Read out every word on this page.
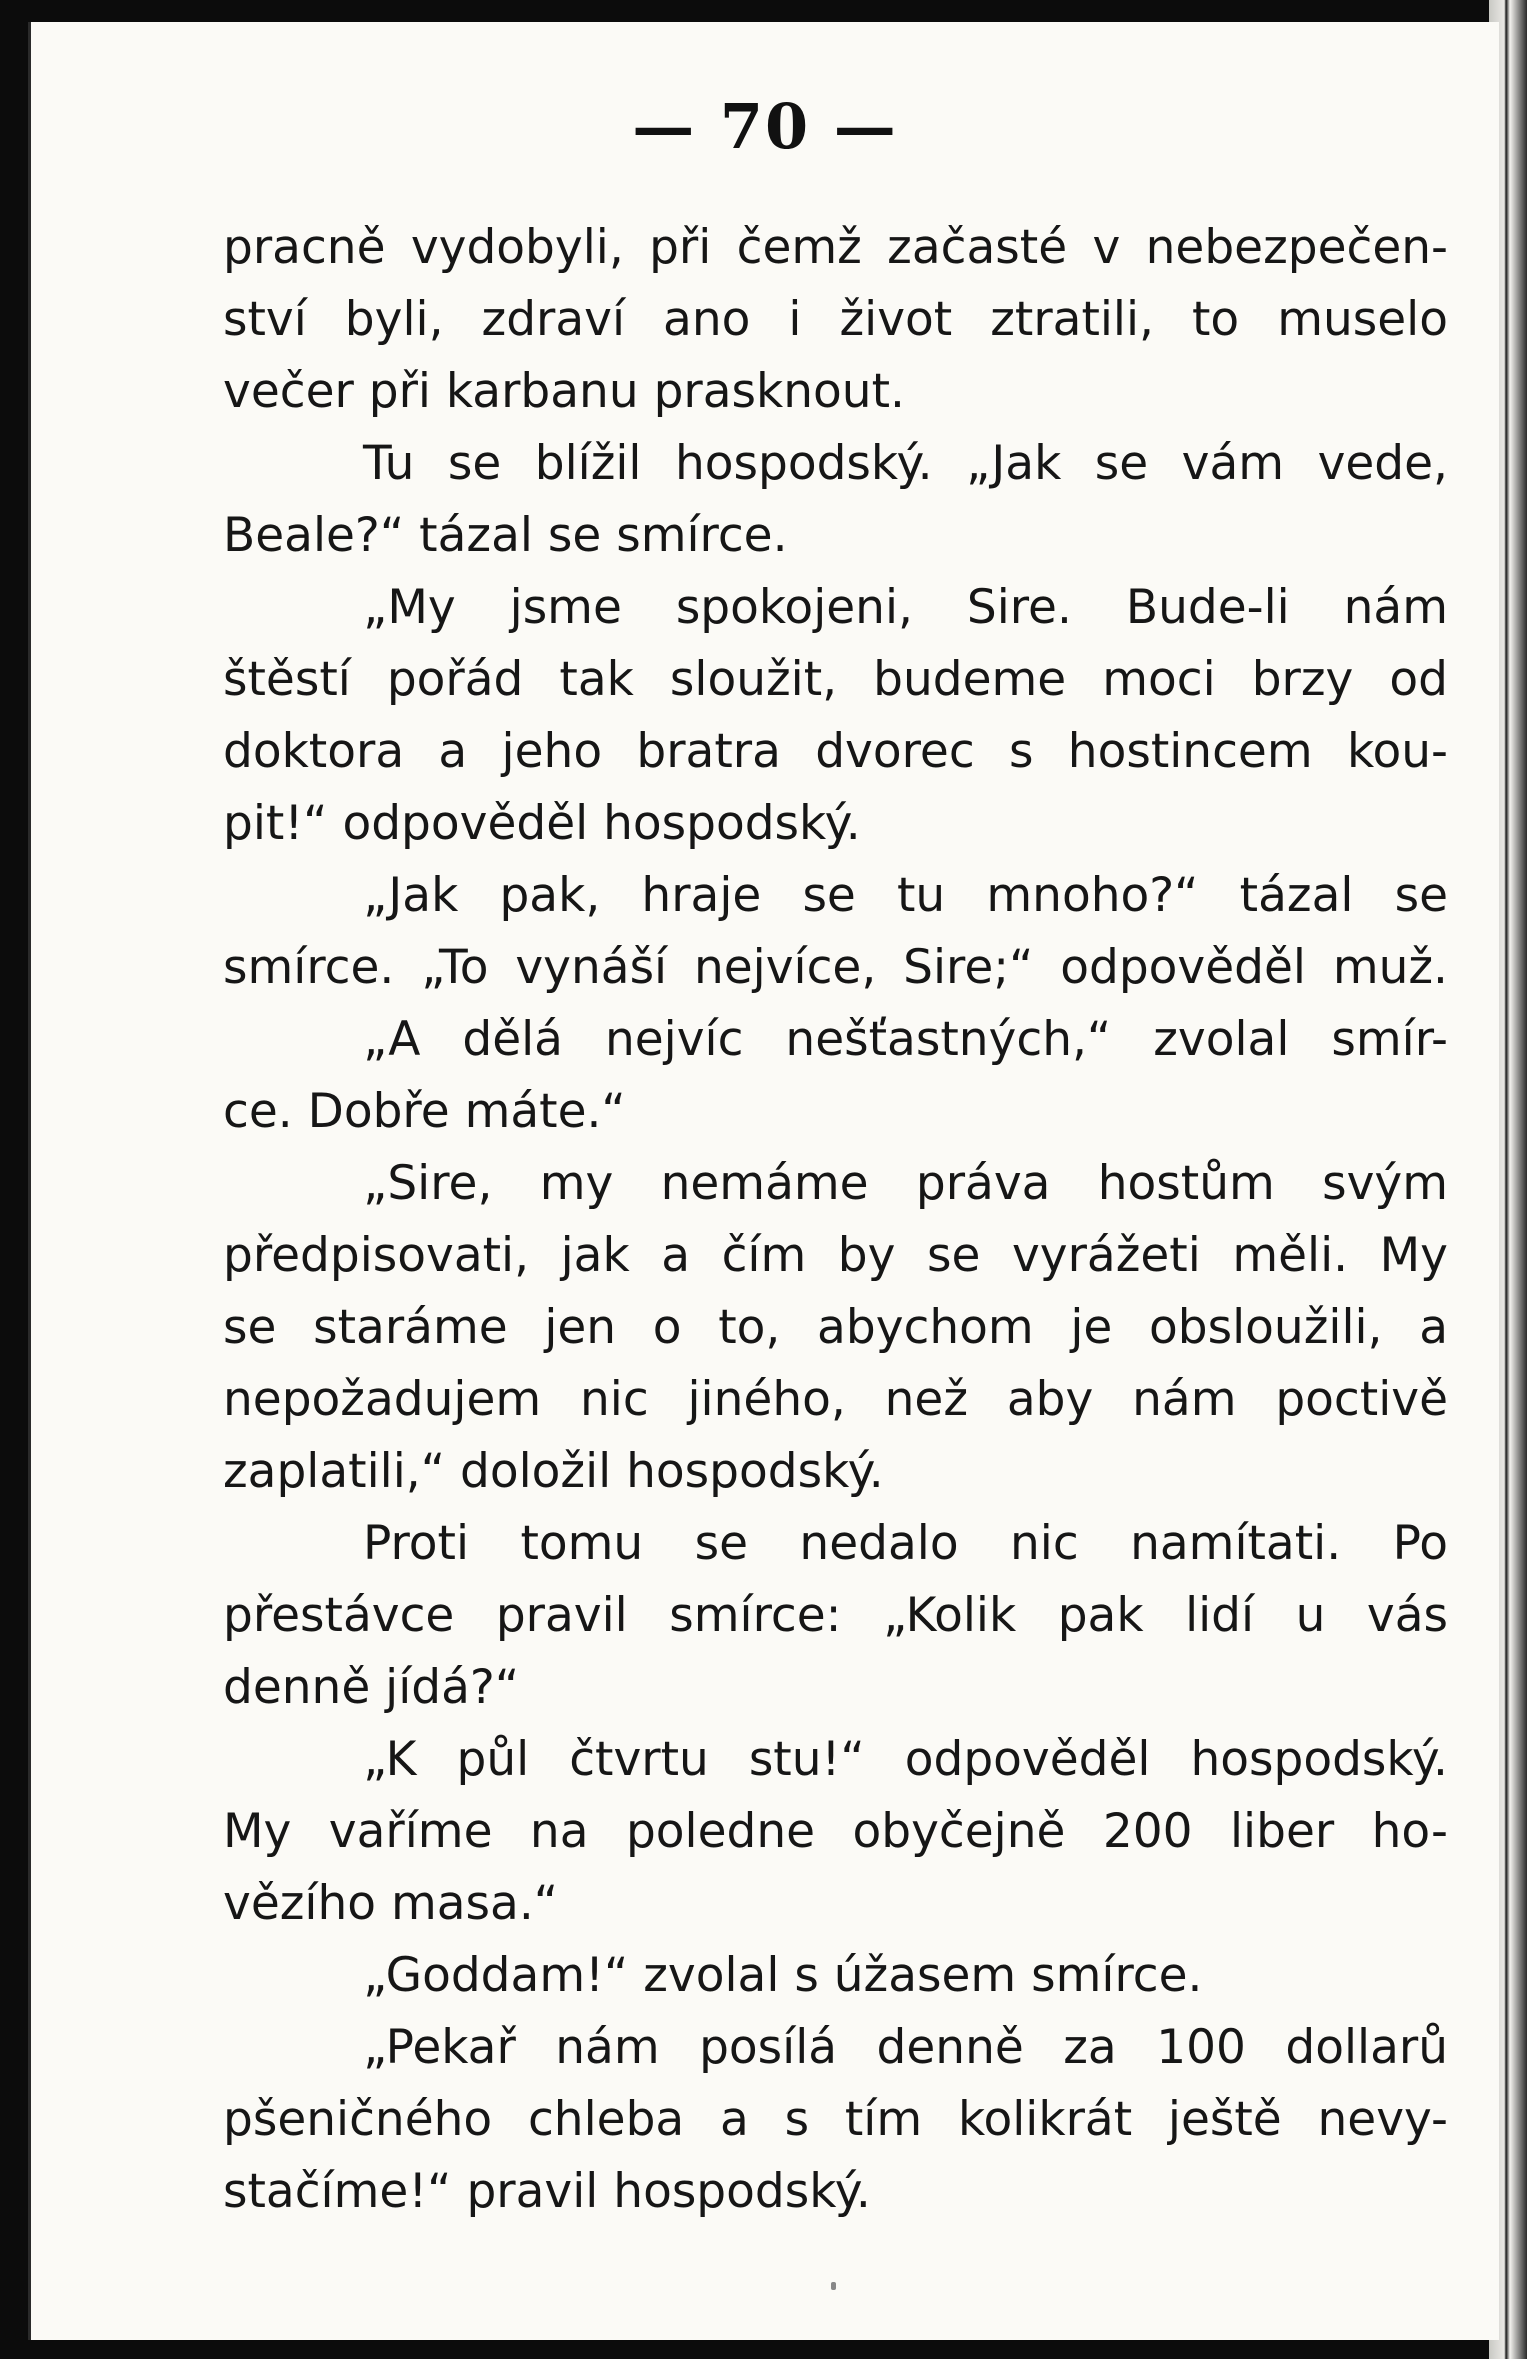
— 70 —
pracně vydobyli, při čemž začasté v nebezpečen-
ství byli, zdraví ano i život ztratili, to muselo
večer při karbanu prasknout.
Tu se blížil hospodský. „Jak se vám vede,
Beale?“ tázal se smírce.
„My jsme spokojeni, Sire. Bude-li nám
štěstí pořád tak sloužit, budeme moci brzy od
doktora a jeho bratra dvorec s hostincem kou-
pit!“ odpověděl hospodský.
„Jak pak, hraje se tu mnoho?“ tázal se
smírce. „To vynáší nejvíce, Sire;“ odpověděl muž.
„A dělá nejvíc nešťastných,“ zvolal smír-
ce. Dobře máte.“
„Sire, my nemáme práva hostům svým
předpisovati, jak a čím by se vyrážeti měli. My
se staráme jen o to, abychom je obsloužili, a
nepožadujem nic jiného, než aby nám poctivě
zaplatili,“ doložil hospodský.
Proti tomu se nedalo nic namítati. Po
přestávce pravil smírce: „Kolik pak lidí u vás
denně jídá?“
„K půl čtvrtu stu!“ odpověděl hospodský.
My vaříme na poledne obyčejně 200 liber ho-
vězího masa.“
„Goddam!“ zvolal s úžasem smírce.
„Pekař nám posílá denně za 100 dollarů
pšeničného chleba a s tím kolikrát ještě nevy-
stačíme!“ pravil hospodský.
